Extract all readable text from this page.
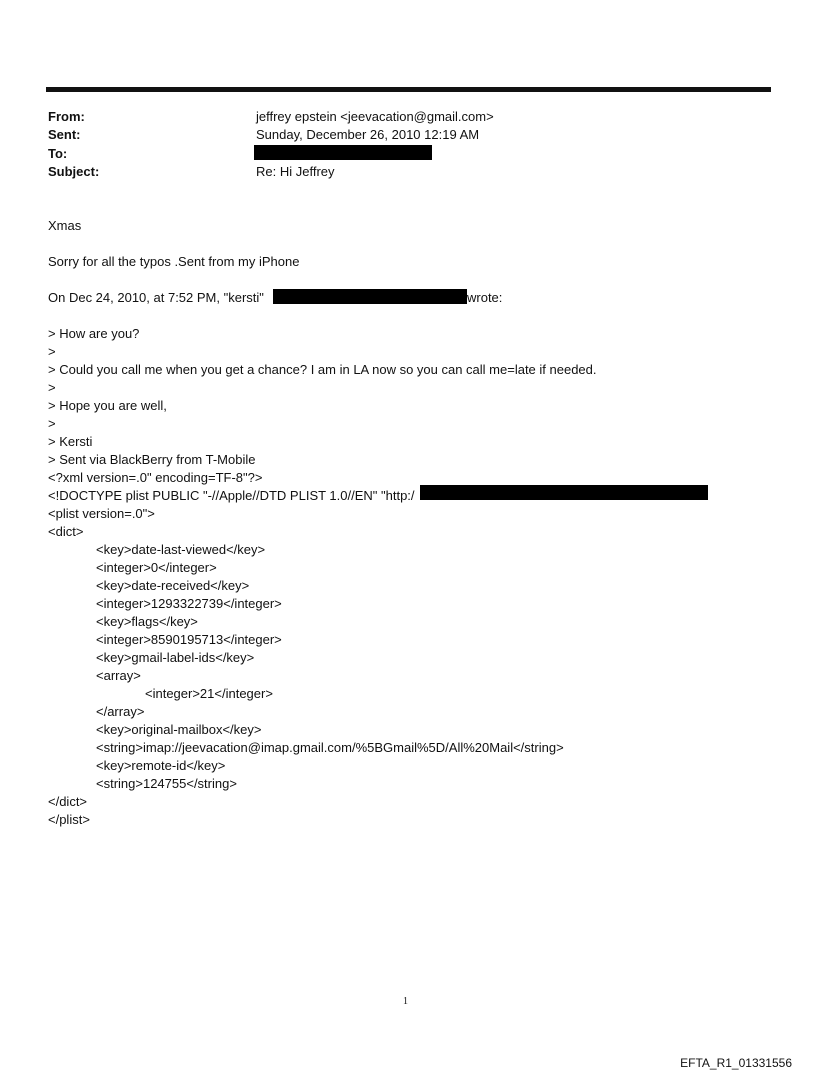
From:	jeffrey epstein <jeevacation@gmail.com>
Sent:	Sunday, December 26, 2010 12:19 AM
To:
Subject:	Re: Hi Jeffrey
Xmas
Sorry for all the typos .Sent from my iPhone
On Dec 24, 2010, at 7:52 PM, "kersti"	wrote:
> How are you?
>
> Could you call me when you get a chance? I am in LA now so you can call me=late if needed.
>
> Hope you are well,
>
> Kersti
> Sent via BlackBerry from T-Mobile
<?xml version=.0" encoding=TF-8"?>
<!DOCTYPE plist PUBLIC "-//Apple//DTD PLIST 1.0//EN" "http:/
<plist version=.0">
<dict>
<key>date-last-viewed</key>
<integer>0</integer>
<key>date-received</key>
<integer>1293322739</integer>
<key>flags</key>
<integer>8590195713</integer>
<key>gmail-label-ids</key>
<array>
<integer>21</integer>
</array>
<key>original-mailbox</key>
<string>imap://jeevacation@imap.gmail.com/%5BGmail%5D/All%20Mail</string>
<key>remote-id</key>
<string>124755</string>
</dict>
</plist>
1
EFTA_R1_01331556
